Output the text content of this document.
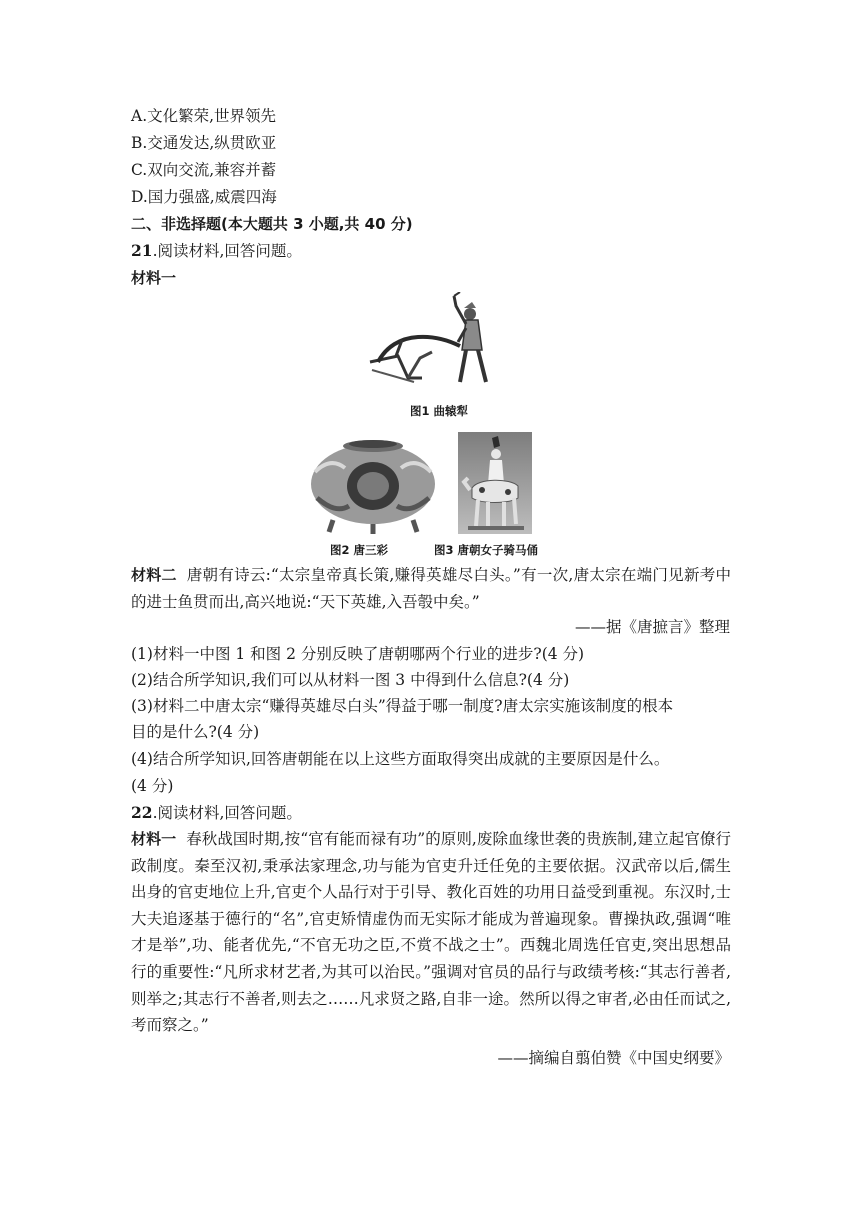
A.文化繁荣,世界领先
B.交通发达,纵贯欧亚
C.双向交流,兼容并蓄
D.国力强盛,威震四海
二、非选择题(本大题共 3 小题,共 40 分)
21.阅读材料,回答问题。
材料一
图1 曲辕犁
图2 唐三彩	图3 唐朝女子骑马俑
材料二 唐朝有诗云:“太宗皇帝真长策,赚得英雄尽白头。”有一次,唐太宗在端门见新考中的进士鱼贯而出,高兴地说:“天下英雄,入吾彀中矣。”
——据《唐摭言》整理
(1)材料一中图 1 和图 2 分别反映了唐朝哪两个行业的进步?(4 分)
(2)结合所学知识,我们可以从材料一图 3 中得到什么信息?(4 分)
(3)材料二中唐太宗“赚得英雄尽白头”得益于哪一制度?唐太宗实施该制度的根本
目的是什么?(4 分)
(4)结合所学知识,回答唐朝能在以上这些方面取得突出成就的主要原因是什么。
(4 分)
22.阅读材料,回答问题。
材料一 春秋战国时期,按“官有能而禄有功”的原则,废除血缘世袭的贵族制,建立起官僚行政制度。秦至汉初,秉承法家理念,功与能为官吏升迁任免的主要依据。汉武帝以后,儒生出身的官吏地位上升,官吏个人品行对于引导、教化百姓的功用日益受到重视。东汉时,士大夫追逐基于德行的“名”,官吏矫情虚伪而无实际才能成为普遍现象。曹操执政,强调“唯才是举”,功、能者优先,“不官无功之臣,不赏不战之士”。西魏北周选任官吏,突出思想品行的重要性:“凡所求材艺者,为其可以治民。”强调对官员的品行与政绩考核:“其志行善者,则举之;其志行不善者,则去之……凡求贤之路,自非一途。然所以得之审者,必由任而试之,考而察之。”
——摘编自翦伯赞《中国史纲要》
